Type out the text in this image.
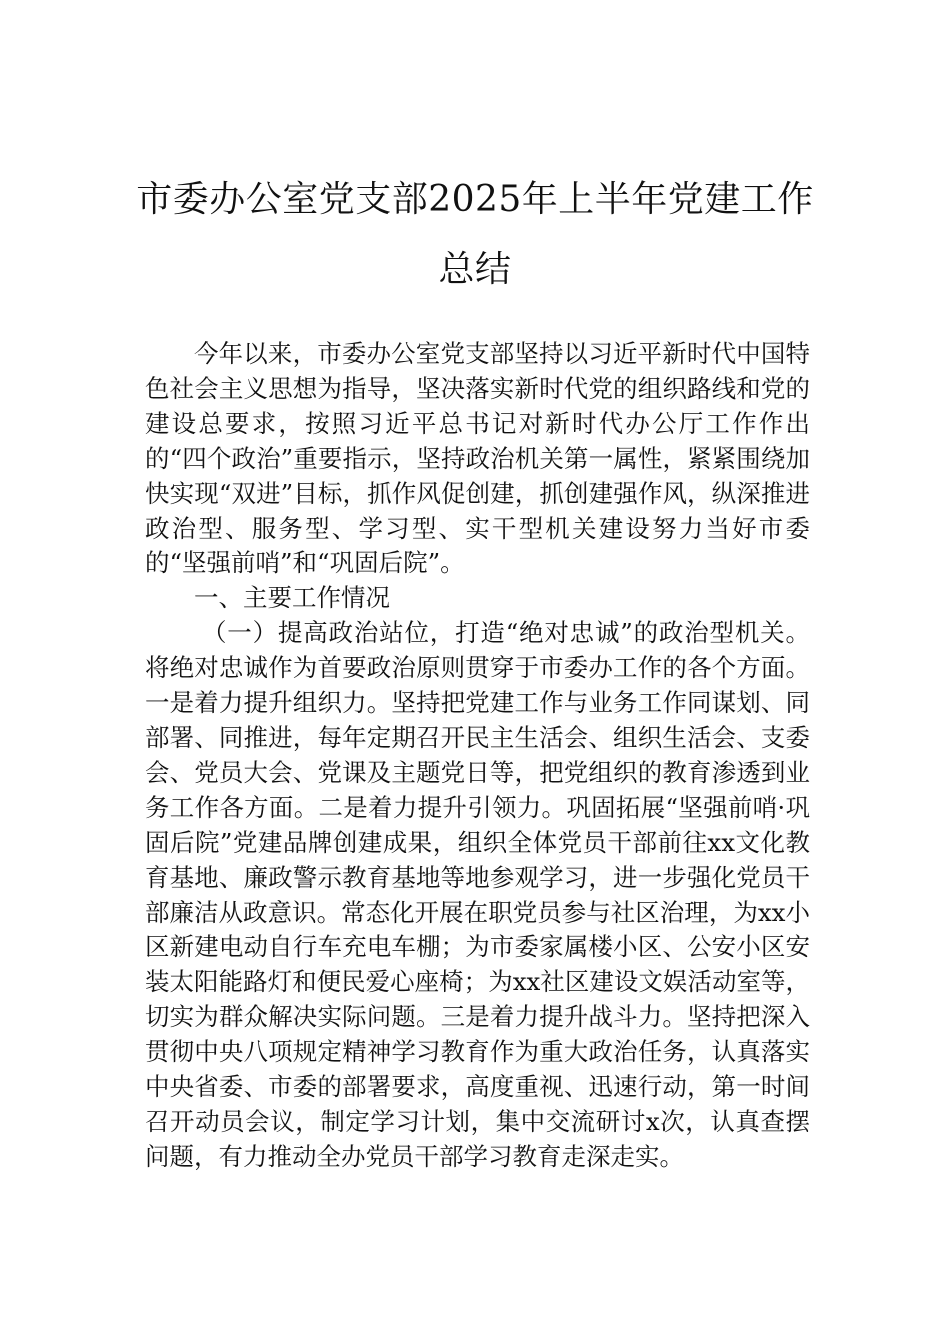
市委办公室党支部2025年上半年党建工作
总结

今年以来，市委办公室党支部坚持以习近平新时代中国特色社会主义思想为指导，坚决落实新时代党的组织路线和党的建设总要求，按照习近平总书记对新时代办公厅工作作出的“四个政治”重要指示，坚持政治机关第一属性，紧紧围绕加快实现“双进”目标，抓作风促创建，抓创建强作风，纵深推进政治型、服务型、学习型、实干型机关建设努力当好市委的“坚强前哨”和“巩固后院”。

一、主要工作情况

（一）提高政治站位，打造“绝对忠诚”的政治型机关。将绝对忠诚作为首要政治原则贯穿于市委办工作的各个方面。一是着力提升组织力。坚持把党建工作与业务工作同谋划、同部署、同推进，每年定期召开民主生活会、组织生活会、支委会、党员大会、党课及主题党日等，把党组织的教育渗透到业务工作各方面。二是着力提升引领力。巩固拓展“坚强前哨·巩固后院”党建品牌创建成果，组织全体党员干部前往xx文化教育基地、廉政警示教育基地等地参观学习，进一步强化党员干部廉洁从政意识。常态化开展在职党员参与社区治理，为xx小区新建电动自行车充电车棚；为市委家属楼小区、公安小区安装太阳能路灯和便民爱心座椅；为xx社区建设文娱活动室等，切实为群众解决实际问题。三是着力提升战斗力。坚持把深入贯彻中央八项规定精神学习教育作为重大政治任务，认真落实中央省委、市委的部署要求，高度重视、迅速行动，第一时间召开动员会议，制定学习计划，集中交流研讨x次，认真查摆问题，有力推动全办党员干部学习教育走深走实。
